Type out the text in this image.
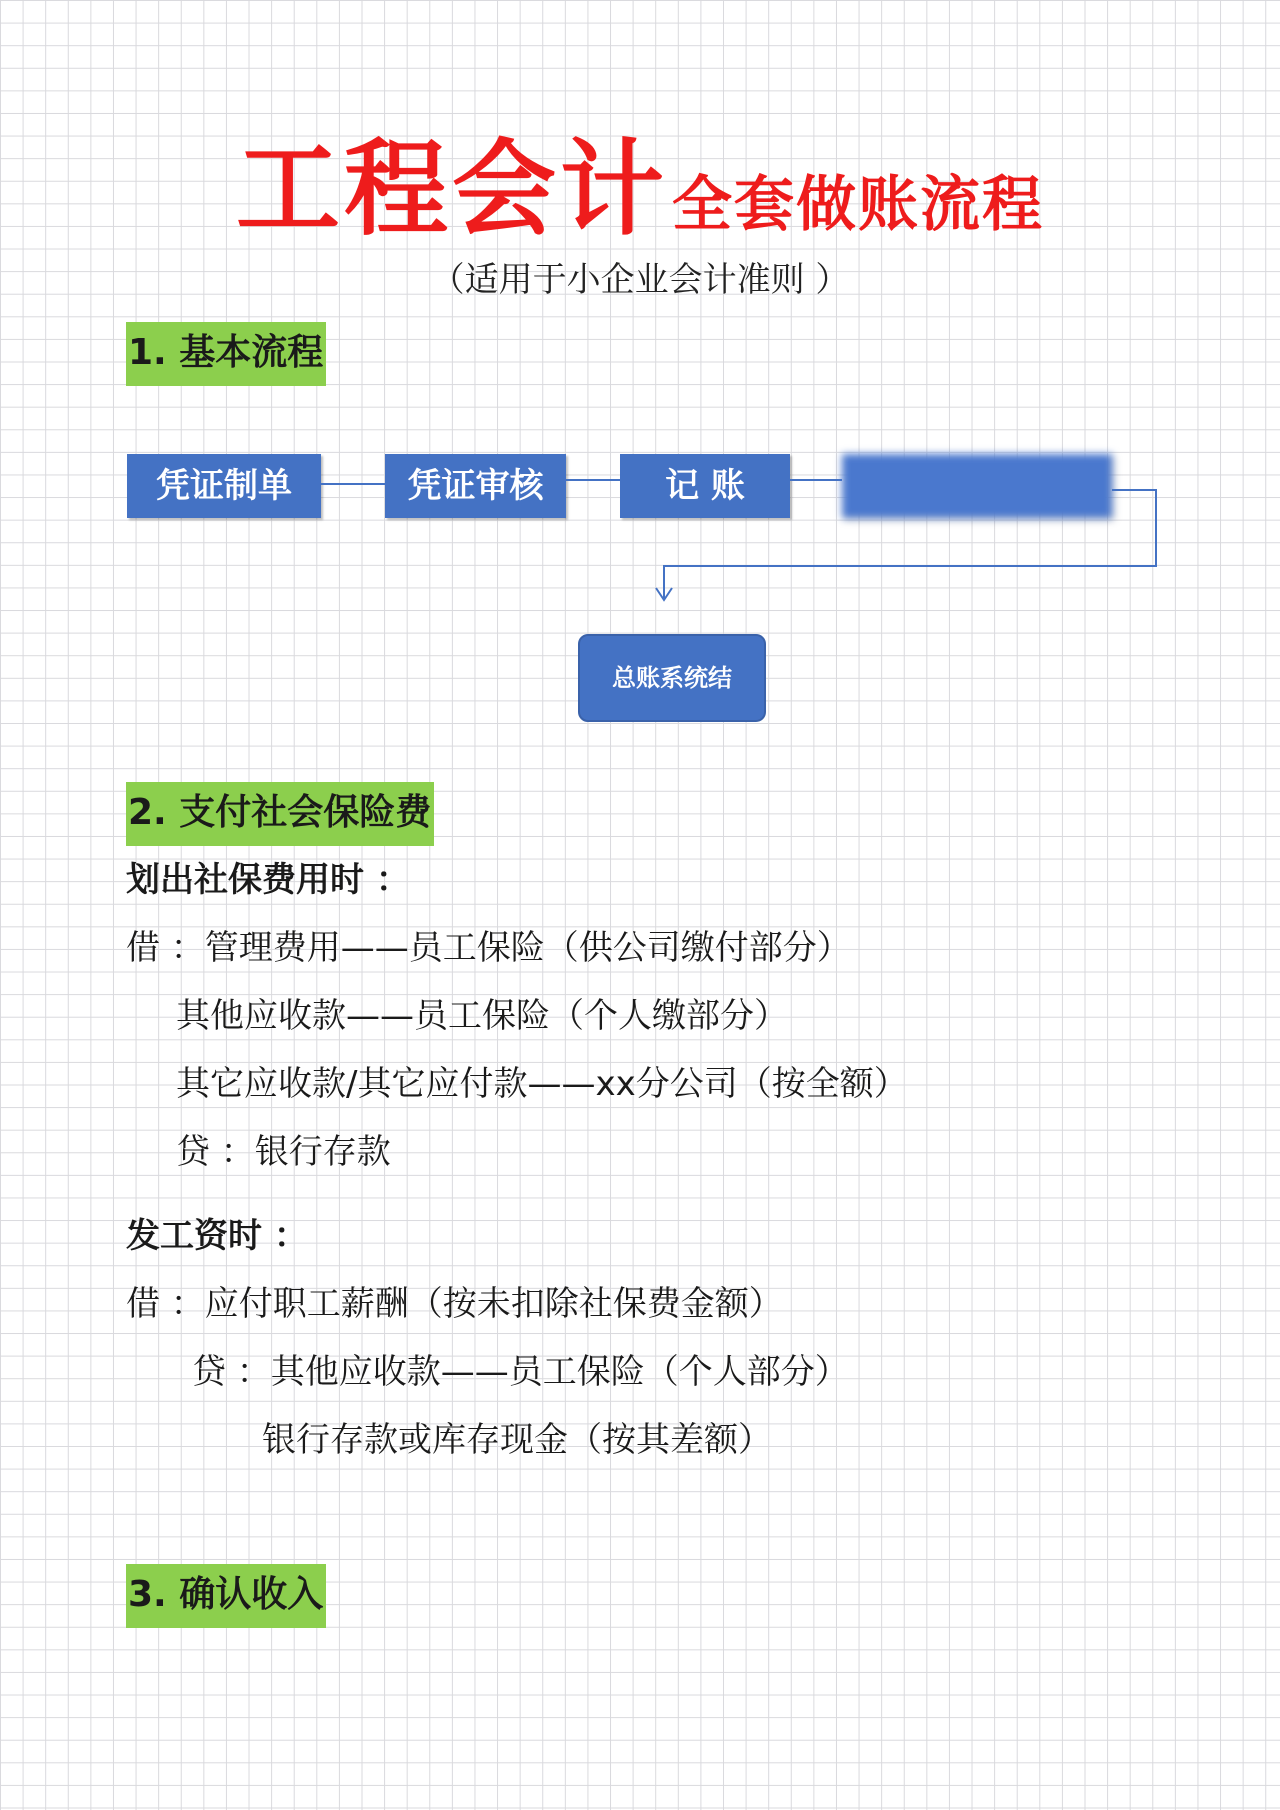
工程会计全套做账流程
（适用于小企业会计准则 ）
1. 基本流程
凭证制单	凭证审核	记 账
总账系统结
2. 支付社会保险费
划出社保费用时 ：
借 ：管理费用——员工保险（供公司缴付部分）
其他应收款——员工保险（个人缴部分）
其它应收款/其它应付款——xx分公司（按全额）
贷 ：银行存款
发工资时 ：
借 ：应付职工薪酬（按未扣除社保费金额）
贷 ：其他应收款——员工保险（个人部分）
银行存款或库存现金（按其差额）
3. 确认收入
